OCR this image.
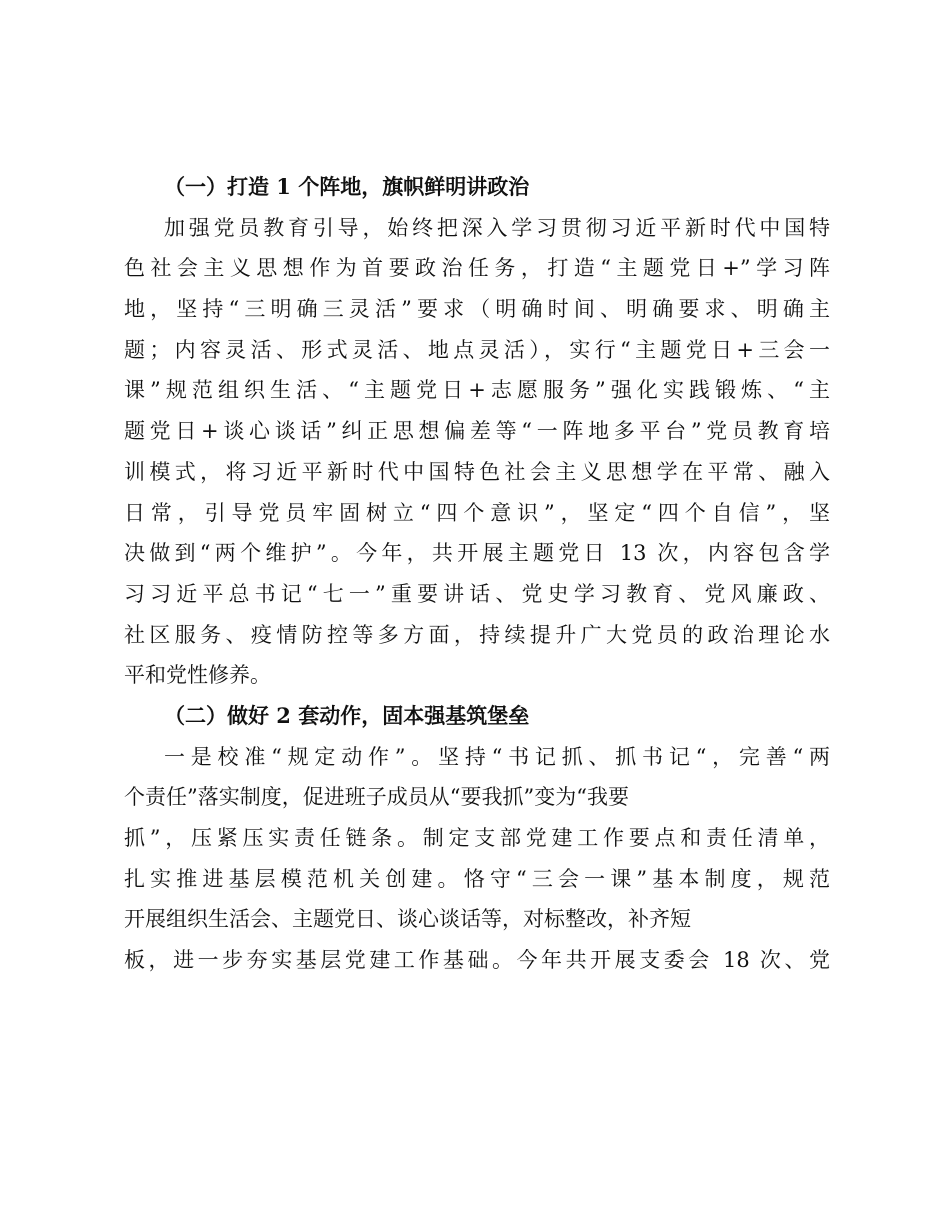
（一）打造 1 个阵地，旗帜鲜明讲政治
加强党员教育引导，始终把深入学习贯彻习近平新时代中国特
色社会主义思想作为首要政治任务，打造“主题党日+”学习阵
地，坚持“三明确三灵活”要求（明确时间、明确要求、明确主
题；内容灵活、形式灵活、地点灵活），实行“主题党日+三会一
课”规范组织生活、“主题党日+志愿服务”强化实践锻炼、“主
题党日+谈心谈话”纠正思想偏差等“一阵地多平台”党员教育培
训模式，将习近平新时代中国特色社会主义思想学在平常、融入
日常，引导党员牢固树立“四个意识”，坚定“四个自信”，坚
决做到“两个维护”。今年，共开展主题党日 13 次，内容包含学
习习近平总书记“七一”重要讲话、党史学习教育、党风廉政、
社区服务、疫情防控等多方面，持续提升广大党员的政治理论水
平和党性修养。
（二）做好 2 套动作，固本强基筑堡垒
一是校准“规定动作”。坚持“书记抓、抓书记“，完善“两
个责任”落实制度，促进班子成员从“要我抓”变为“我要
抓”，压紧压实责任链条。制定支部党建工作要点和责任清单，
扎实推进基层模范机关创建。恪守“三会一课”基本制度，规范
开展组织生活会、主题党日、谈心谈话等，对标整改，补齐短
板，进一步夯实基层党建工作基础。今年共开展支委会 18 次、党
